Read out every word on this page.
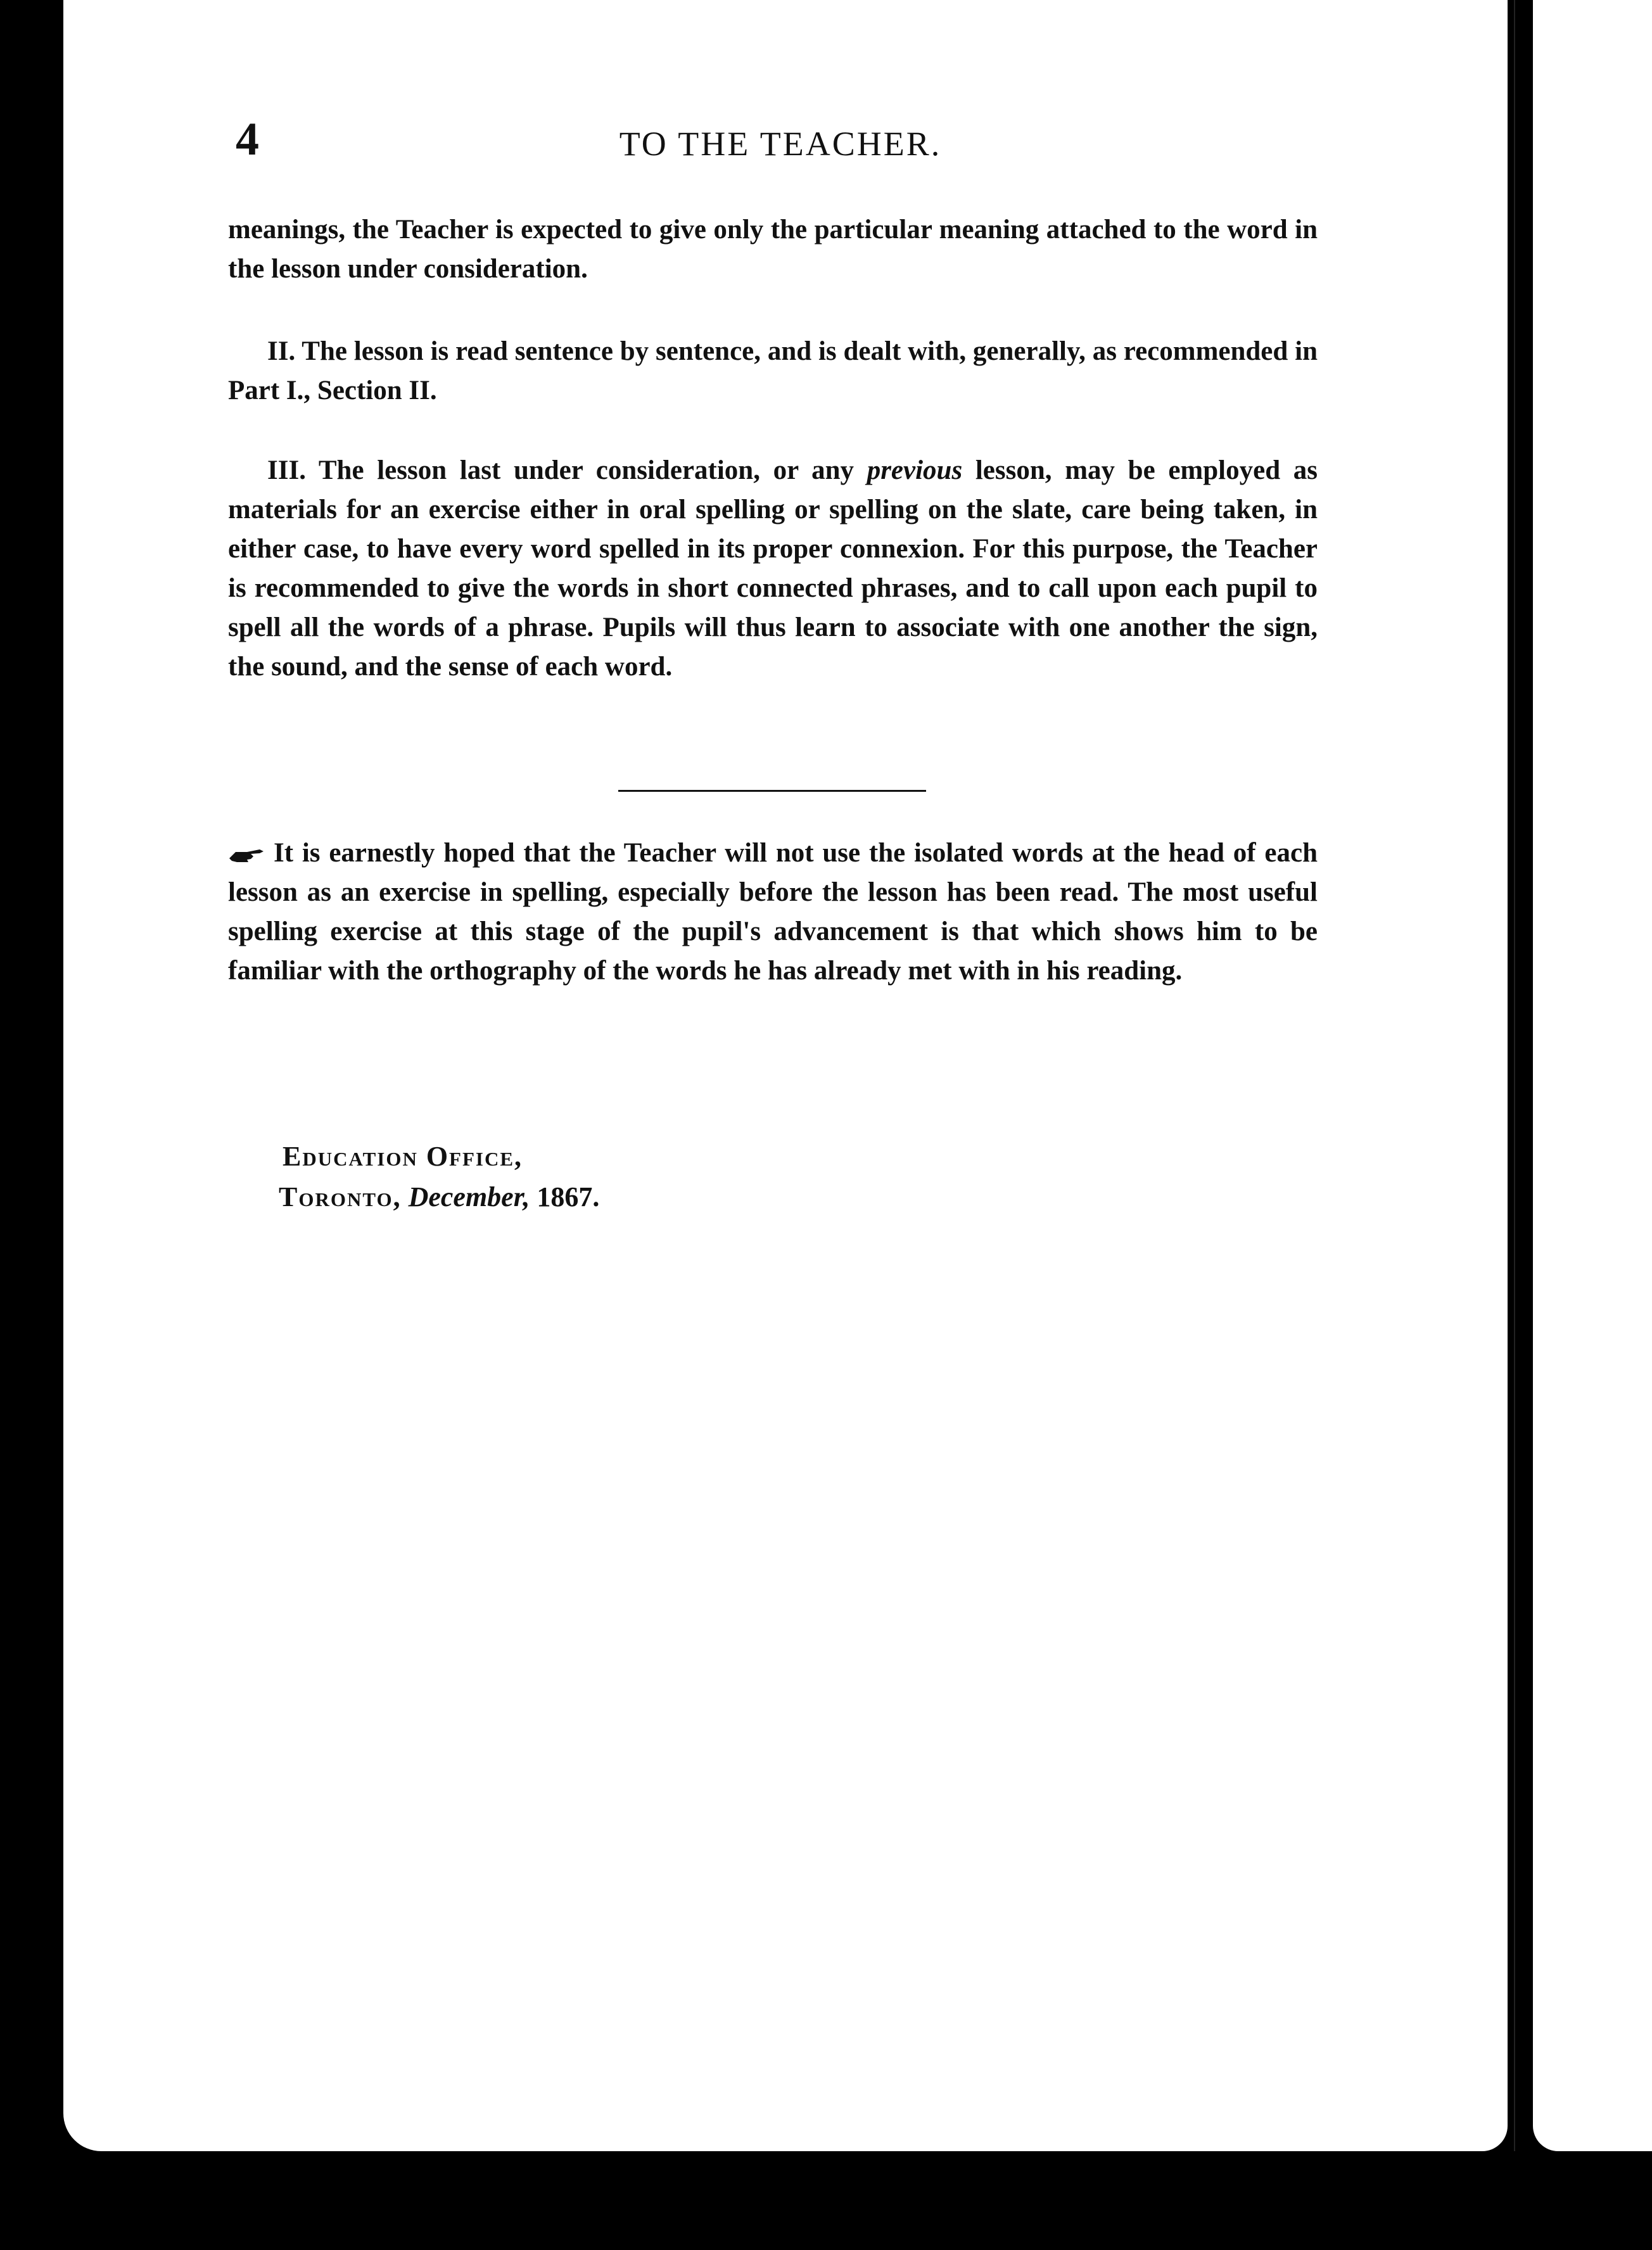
4	TO THE TEACHER.
meanings, the Teacher is expected to give only the particular meaning attached to the word in the lesson under consideration.
II. The lesson is read sentence by sentence, and is dealt with, generally, as recommended in Part I., Section II.
III. The lesson last under consideration, or any previous lesson, may be employed as materials for an exercise either in oral spelling or spelling on the slate, care being taken, in either case, to have every word spelled in its proper connexion. For this purpose, the Teacher is recommended to give the words in short connected phrases, and to call upon each pupil to spell all the words of a phrase. Pupils will thus learn to associate with one another the sign, the sound, and the sense of each word.
It is earnestly hoped that the Teacher will not use the isolated words at the head of each lesson as an exercise in spelling, especially before the lesson has been read. The most useful spelling exercise at this stage of the pupil's advancement is that which shows him to be familiar with the orthography of the words he has already met with in his reading.
Education Office,
Toronto, December, 1867.
